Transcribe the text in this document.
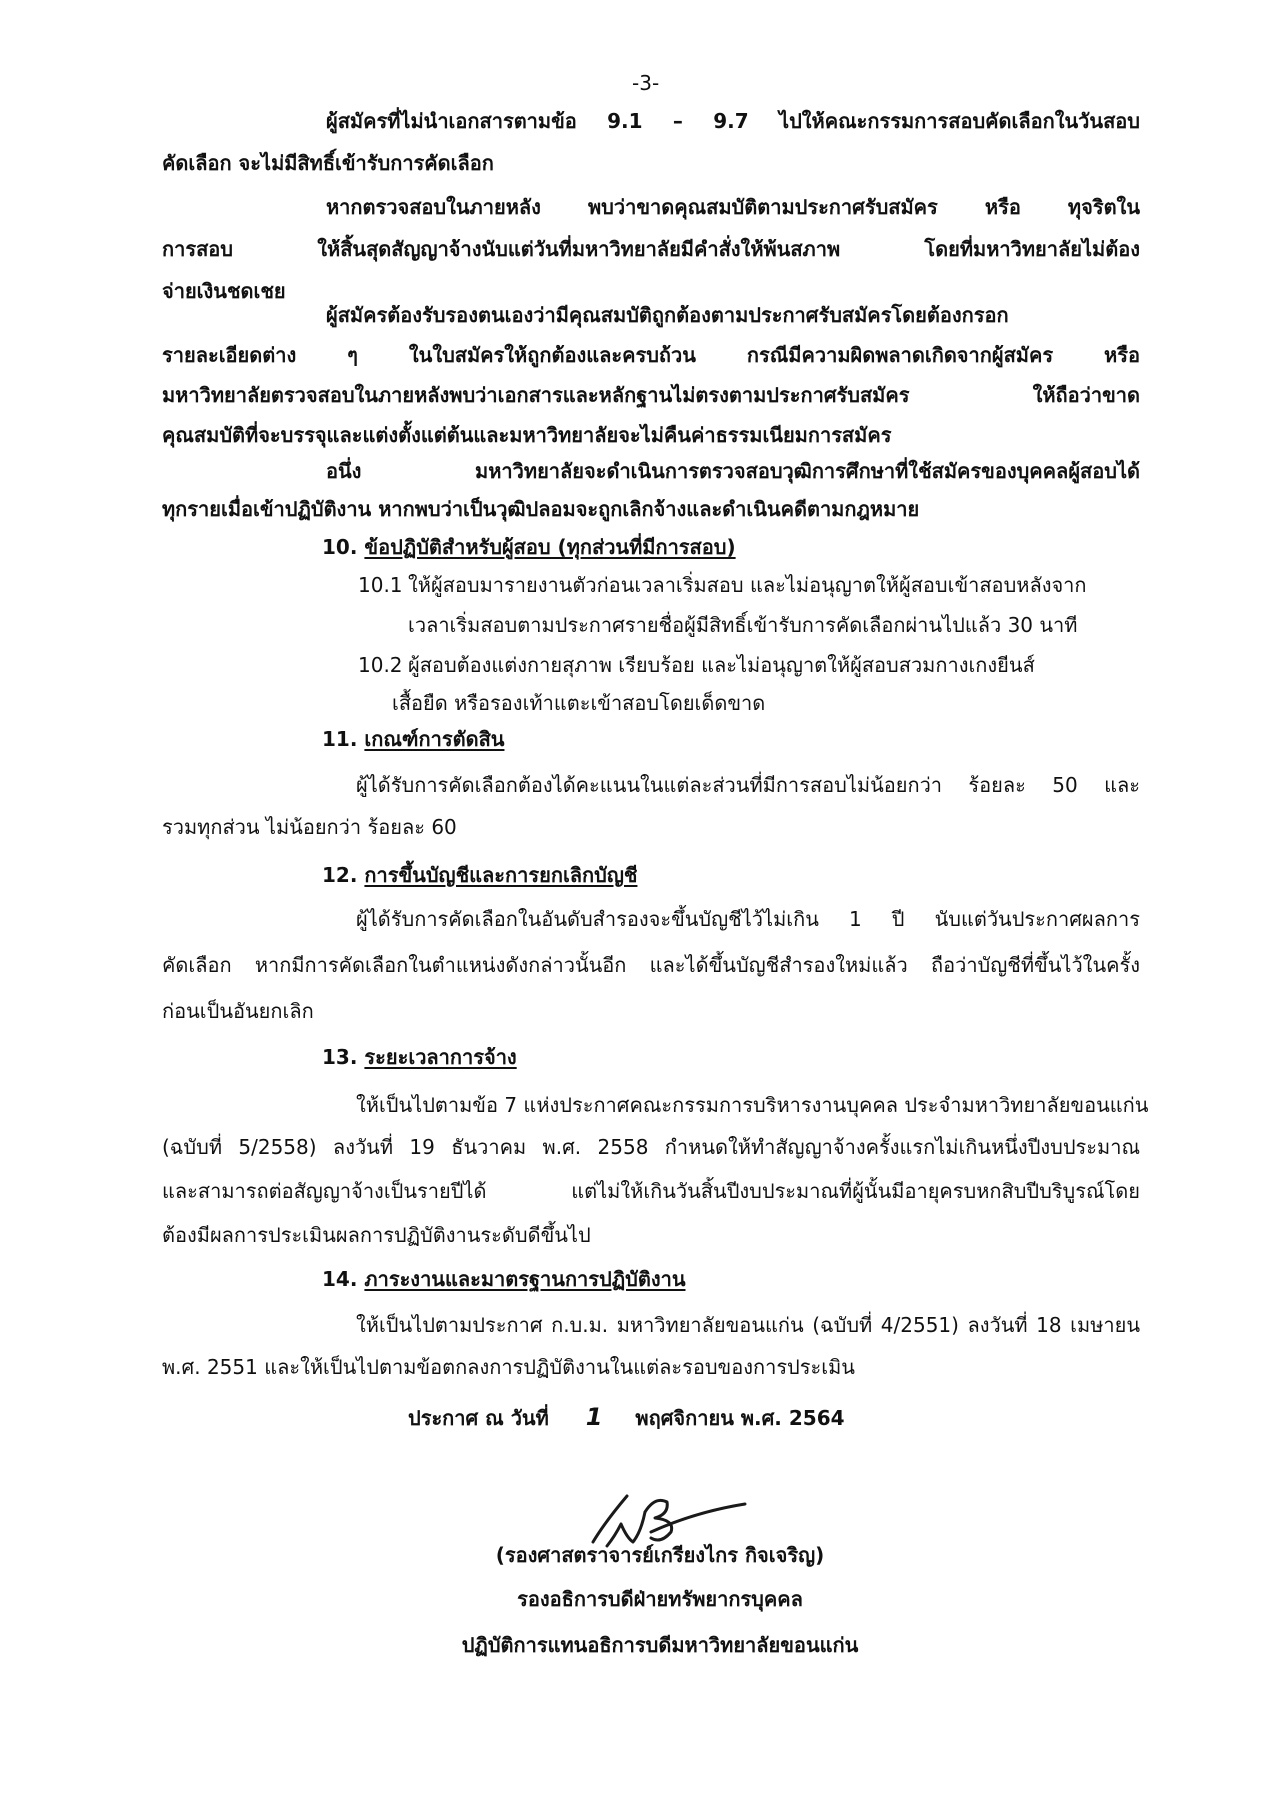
-3-
ผู้สมัครที่ไม่นำเอกสารตามข้อ 9.1 – 9.7 ไปให้คณะกรรมการสอบคัดเลือกในวันสอบ
คัดเลือก จะไม่มีสิทธิ์เข้ารับการคัดเลือก
หากตรวจสอบในภายหลัง พบว่าขาดคุณสมบัติตามประกาศรับสมัคร หรือ ทุจริตใน
การสอบ ให้สิ้นสุดสัญญาจ้างนับแต่วันที่มหาวิทยาลัยมีคำสั่งให้พ้นสภาพ โดยที่มหาวิทยาลัยไม่ต้อง
จ่ายเงินชดเชย
ผู้สมัครต้องรับรองตนเองว่ามีคุณสมบัติถูกต้องตามประกาศรับสมัครโดยต้องกรอก
รายละเอียดต่าง ๆ ในใบสมัครให้ถูกต้องและครบถ้วน กรณีมีความผิดพลาดเกิดจากผู้สมัคร หรือ
มหาวิทยาลัยตรวจสอบในภายหลังพบว่าเอกสารและหลักฐานไม่ตรงตามประกาศรับสมัคร ให้ถือว่าขาด
คุณสมบัติที่จะบรรจุและแต่งตั้งแต่ต้นและมหาวิทยาลัยจะไม่คืนค่าธรรมเนียมการสมัคร
อนึ่ง มหาวิทยาลัยจะดำเนินการตรวจสอบวุฒิการศึกษาที่ใช้สมัครของบุคคลผู้สอบได้
ทุกรายเมื่อเข้าปฏิบัติงาน หากพบว่าเป็นวุฒิปลอมจะถูกเลิกจ้างและดำเนินคดีตามกฎหมาย
10. ข้อปฏิบัติสำหรับผู้สอบ (ทุกส่วนที่มีการสอบ)
10.1 ให้ผู้สอบมารายงานตัวก่อนเวลาเริ่มสอบ และไม่อนุญาตให้ผู้สอบเข้าสอบหลังจาก
เวลาเริ่มสอบตามประกาศรายชื่อผู้มีสิทธิ์เข้ารับการคัดเลือกผ่านไปแล้ว 30 นาที
10.2 ผู้สอบต้องแต่งกายสุภาพ เรียบร้อย และไม่อนุญาตให้ผู้สอบสวมกางเกงยีนส์
เสื้อยืด หรือรองเท้าแตะเข้าสอบโดยเด็ดขาด
11. เกณฑ์การตัดสิน
ผู้ได้รับการคัดเลือกต้องได้คะแนนในแต่ละส่วนที่มีการสอบไม่น้อยกว่า ร้อยละ 50 และ
รวมทุกส่วน ไม่น้อยกว่า ร้อยละ 60
12. การขึ้นบัญชีและการยกเลิกบัญชี
ผู้ได้รับการคัดเลือกในอันดับสำรองจะขึ้นบัญชีไว้ไม่เกิน 1 ปี นับแต่วันประกาศผลการ
คัดเลือก หากมีการคัดเลือกในตำแหน่งดังกล่าวนั้นอีก และได้ขึ้นบัญชีสำรองใหม่แล้ว ถือว่าบัญชีที่ขึ้นไว้ในครั้ง
ก่อนเป็นอันยกเลิก
13. ระยะเวลาการจ้าง
ให้เป็นไปตามข้อ 7 แห่งประกาศคณะกรรมการบริหารงานบุคคล ประจำมหาวิทยาลัยขอนแก่น
(ฉบับที่ 5/2558) ลงวันที่ 19 ธันวาคม พ.ศ. 2558 กำหนดให้ทำสัญญาจ้างครั้งแรกไม่เกินหนึ่งปีงบประมาณ
และสามารถต่อสัญญาจ้างเป็นรายปีได้ แต่ไม่ให้เกินวันสิ้นปีงบประมาณที่ผู้นั้นมีอายุครบหกสิบปีบริบูรณ์โดย
ต้องมีผลการประเมินผลการปฏิบัติงานระดับดีขึ้นไป
14. ภาระงานและมาตรฐานการปฏิบัติงาน
ให้เป็นไปตามประกาศ ก.บ.ม. มหาวิทยาลัยขอนแก่น (ฉบับที่ 4/2551) ลงวันที่ 18 เมษายน
พ.ศ. 2551 และให้เป็นไปตามข้อตกลงการปฏิบัติงานในแต่ละรอบของการประเมิน
ประกาศ ณ วันที่ 1 พฤศจิกายน พ.ศ. 2564
(รองศาสตราจารย์เกรียงไกร กิจเจริญ)
รองอธิการบดีฝ่ายทรัพยากรบุคคล
ปฏิบัติการแทนอธิการบดีมหาวิทยาลัยขอนแก่น
